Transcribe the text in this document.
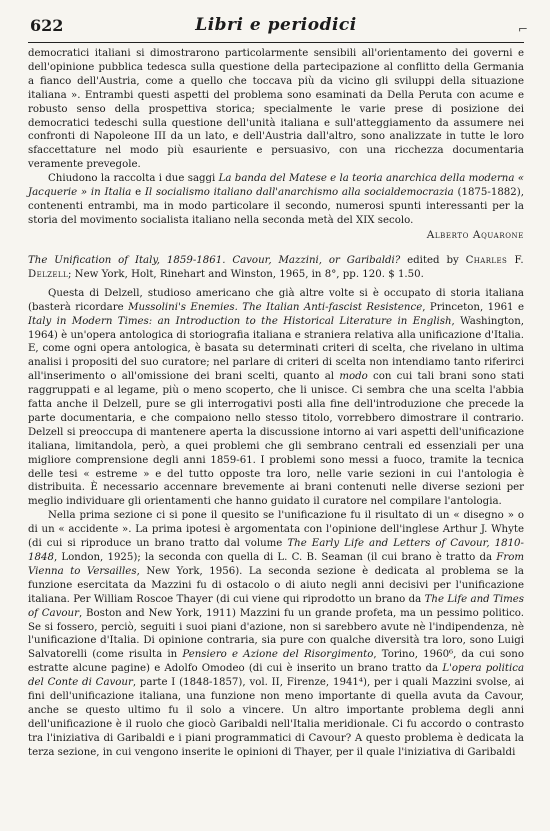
622	Libri e periodici	⌐

democratici italiani si dimostrarono particolarmente sensibili all'orientamento dei governi e dell'opinione pubblica tedesca sulla questione della partecipazione al conflitto della Germania a fianco dell'Austria, come a quello che toccava più da vicino gli sviluppi della situazione italiana ». Entrambi questi aspetti del problema sono esaminati da Della Peruta con acume e robusto senso della prospettiva storica; specialmente le varie prese di posizione dei democratici tedeschi sulla questione dell'unità italiana e sull'atteggiamento da assumere nei confronti di Napoleone III da un lato, e dell'Austria dall'altro, sono analizzate in tutte le loro sfaccettature nel modo più esauriente e persuasivo, con una ricchezza documentaria veramente prevegole.

Chiudono la raccolta i due saggi La banda del Matese e la teoria anarchica della moderna « Jacquerie » in Italia e Il socialismo italiano dall'anarchismo alla socialdemocrazia (1875-1882), contenenti entrambi, ma in modo particolare il secondo, numerosi spunti interessanti per la storia del movimento socialista italiano nella seconda metà del XIX secolo.

Alberto Aquarone
The Unification of Italy, 1859-1861. Cavour, Mazzini, or Garibaldi? edited by Charles F. Delzell; New York, Holt, Rinehart and Winston, 1965, in 8°, pp. 120. $ 1.50.

Questa di Delzell, studioso americano che già altre volte si è occupato di storia italiana (basterà ricordare Mussolini's Enemies. The Italian Anti-fascist Resistence, Princeton, 1961 e Italy in Modern Times: an Introduction to the Historical Literature in English, Washington, 1964) è un'opera antologica di storiografia italiana e straniera relativa alla unificazione d'Italia. E, come ogni opera antologica, è basata su determinati criteri di scelta, che rivelano in ultima analisi i propositi del suo curatore; nel parlare di criteri di scelta non intendiamo tanto riferirci all'inserimento o all'omissione dei brani scelti, quanto al modo con cui tali brani sono stati raggruppati e al legame, più o meno scoperto, che li unisce. Ci sembra che una scelta l'abbia fatta anche il Delzell, pure se gli interrogativi posti alla fine dell'introduzione che precede la parte documentaria, e che compaiono nello stesso titolo, vorrebbero dimostrare il contrario. Delzell si preoccupa di mantenere aperta la discussione intorno ai vari aspetti dell'unificazione italiana, limitandola, però, a quei problemi che gli sembrano centrali ed essenziali per una migliore comprensione degli anni 1859-61. I problemi sono messi a fuoco, tramite la tecnica delle tesi « estreme » e del tutto opposte tra loro, nelle varie sezioni in cui l'antologia è distribuita. È necessario accennare brevemente ai brani contenuti nelle diverse sezioni per meglio individuare gli orientamenti che hanno guidato il curatore nel compilare l'antologia.

Nella prima sezione ci si pone il quesito se l'unificazione fu il risultato di un « disegno » o di un « accidente ». La prima ipotesi è argomentata con l'opinione dell'inglese Arthur J. Whyte (di cui si riproduce un brano tratto dal volume The Early Life and Letters of Cavour, 1810-1848, London, 1925); la seconda con quella di L. C. B. Seaman (il cui brano è tratto da From Vienna to Versailles, New York, 1956). La seconda sezione è dedicata al problema se la funzione esercitata da Mazzini fu di ostacolo o di aiuto negli anni decisivi per l'unificazione italiana. Per William Roscoe Thayer (di cui viene qui riprodotto un brano da The Life and Times of Cavour, Boston and New York, 1911) Mazzini fu un grande profeta, ma un pessimo politico. Se si fossero, perciò, seguiti i suoi piani d'azione, non si sarebbero avute nè l'indipendenza, nè l'unificazione d'Italia. Di opinione contraria, sia pure con qualche diversità tra loro, sono Luigi Salvatorelli (come risulta in Pensiero e Azione del Risorgimento, Torino, 1960⁶, da cui sono estratte alcune pagine) e Adolfo Omodeo (di cui è inserito un brano tratto da L'opera politica del Conte di Cavour, parte I (1848-1857), vol. II, Firenze, 1941⁴), per i quali Mazzini svolse, ai fini dell'unificazione italiana, una funzione non meno importante di quella avuta da Cavour, anche se questo ultimo fu il solo a vincere. Un altro importante problema degli anni dell'unificazione è il ruolo che giocò Garibaldi nell'Italia meridionale. Ci fu accordo o contrasto tra l'iniziativa di Garibaldi e i piani programmatici di Cavour? A questo problema è dedicata la terza sezione, in cui vengono inserite le opinioni di Thayer, per il quale l'iniziativa di Garibaldi
